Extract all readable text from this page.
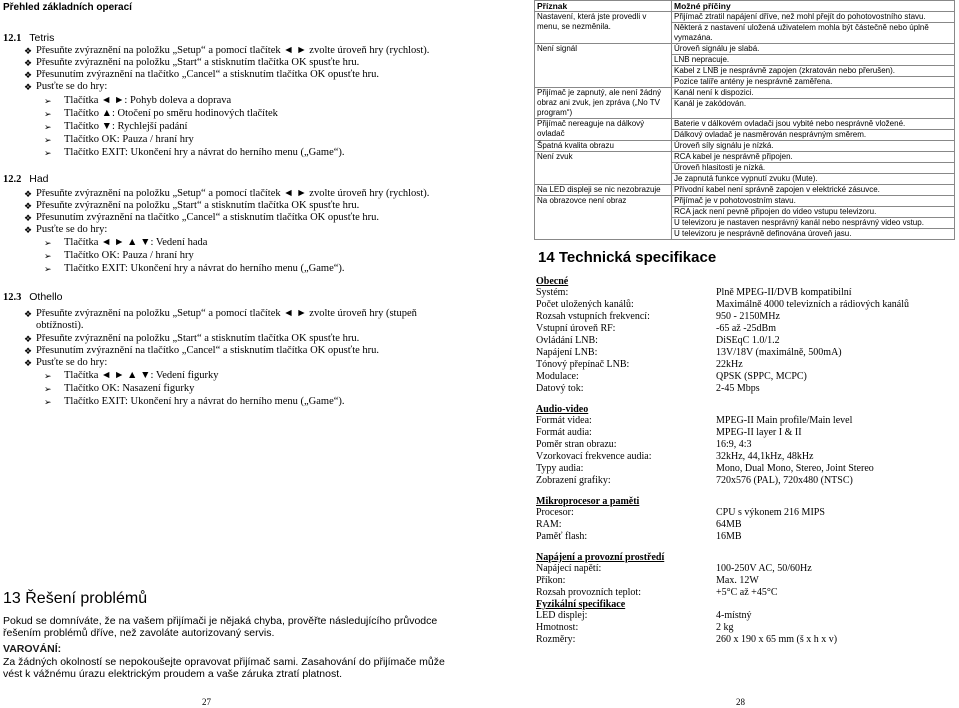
Přehled základních operací
12.1 Tetris
❖ Přesuňte zvýraznění na položku „Setup“ a pomocí tlačítek ◄ ► zvolte úroveň hry (rychlost).
❖ Přesuňte zvýraznění na položku „Start“ a stisknutím tlačítka OK spusťte hru.
❖ Přesunutím zvýraznění na tlačítko „Cancel“ a stisknutím tlačítka OK opusťte hru.
❖ Pusťte se do hry:
➢ Tlačítka ◄ ►: Pohyb doleva a doprava
➢ Tlačítko ▲: Otočení po směru hodinových tlačítek
➢ Tlačítko ▼: Rychlejší padání
➢ Tlačítko OK: Pauza / hraní hry
➢ Tlačítko EXIT: Ukončení hry a návrat do herního menu („Game“).
12.2 Had
❖ Přesuňte zvýraznění na položku „Setup“ a pomocí tlačítek ◄ ► zvolte úroveň hry (rychlost).
❖ Přesuňte zvýraznění na položku „Start“ a stisknutím tlačítka OK spusťte hru.
❖ Přesunutím zvýraznění na tlačítko „Cancel“ a stisknutím tlačítka OK opusťte hru.
❖ Pusťte se do hry:
➢ Tlačítka ◄ ► ▲ ▼: Vedení hada
➢ Tlačítko OK: Pauza / hraní hry
➢ Tlačítko EXIT: Ukončení hry a návrat do herního menu („Game“).
12.3 Othello
❖ Přesuňte zvýraznění na položku „Setup“ a pomocí tlačítek ◄ ► zvolte úroveň hry (stupeň obtížnosti).
❖ Přesuňte zvýraznění na položku „Start“ a stisknutím tlačítka OK spusťte hru.
❖ Přesunutím zvýraznění na tlačítko „Cancel“ a stisknutím tlačítka OK opusťte hru.
❖ Pusťte se do hry:
➢ Tlačítka ◄ ► ▲ ▼: Vedení figurky
➢ Tlačítko OK: Nasazení figurky
➢ Tlačítko EXIT: Ukončení hry a návrat do herního menu („Game“).
13 Řešení problémů
Pokud se domníváte, že na vašem přijímači je nějaká chyba, prověřte následujícího průvodce řešením problémů dříve, než zavoláte autorizovaný servis.
VAROVÁNÍ:
Za žádných okolností se nepokoušejte opravovat přijímač sami. Zasahování do přijímače může vést k vážnému úrazu elektrickým proudem a vaše záruka ztratí platnost.
27
Příznak	Možné příčiny
Nastavení, která jste provedli v menu, se nezměnila.	Přijímač ztratil napájení dříve, než mohl přejít do pohotovostního stavu.
Některá z nastavení uložená uživatelem mohla být částečně nebo úplně vymazána.

Není signál	Úroveň signálu je slabá.
LNB nepracuje.
Kabel z LNB je nesprávně zapojen (zkratován nebo přerušen).
Pozice talíře antény je nesprávně zaměřena.

Přijímač je zapnutý, ale není žádný obraz ani zvuk, jen zpráva („No TV program“)	Kanál není k dispozici.
Kanál je zakódován.

Přijímač nereaguje na dálkový ovladač	Baterie v dálkovém ovladači jsou vybité nebo nesprávně vložené.
Dálkový ovladač je nasměrován nesprávným směrem.

Špatná kvalita obrazu	Úroveň síly signálu je nízká.

Není zvuk	RCA kabel je nesprávně připojen.
Úroveň hlasitosti je nízká.
Je zapnutá funkce vypnutí zvuku (Mute).

Na LED displeji se nic nezobrazuje	Přívodní kabel není správně zapojen v elektrické zásuvce.

Na obrazovce není obraz	Přijímač je v pohotovostním stavu.
RCA jack není pevně připojen do video vstupu televizoru.
U televizoru je nastaven nesprávný kanál nebo nesprávný video vstup.
U televizoru je nesprávně definována úroveň jasu.
14 Technická specifikace
Obecné
Systém:	Plně MPEG-II/DVB kompatibilní
Počet uložených kanálů:	Maximálně 4000 televizních a rádiových kanálů
Rozsah vstupních frekvencí:	950 - 2150MHz
Vstupní úroveň RF:	-65 až -25dBm
Ovládání LNB:	DiSEqC 1.0/1.2
Napájení LNB:	13V/18V (maximálně, 500mA)
Tónový přepínač LNB:	22kHz
Modulace:	QPSK (SPPC, MCPC)
Datový tok:	2-45 Mbps
Audio-video
Formát videa:	MPEG-II Main profile/Main level
Formát audia:	MPEG-II layer I & II
Poměr stran obrazu:	16:9, 4:3
Vzorkovací frekvence audia:	32kHz, 44,1kHz, 48kHz
Typy audia:	Mono, Dual Mono, Stereo, Joint Stereo
Zobrazení grafiky:	720x576 (PAL), 720x480 (NTSC)
Mikroprocesor a paměti
Procesor:	CPU s výkonem 216 MIPS
RAM:	64MB
Paměť flash:	16MB
Napájení a provozní prostředí
Napájecí napětí:	100-250V AC, 50/60Hz
Příkon:	Max. 12W
Rozsah provozních teplot:	+5°C až +45°C
Fyzikální specifikace
LED displej:	4-místný
Hmotnost:	2 kg
Rozměry:	260 x 190 x 65 mm (š x h x v)
28
